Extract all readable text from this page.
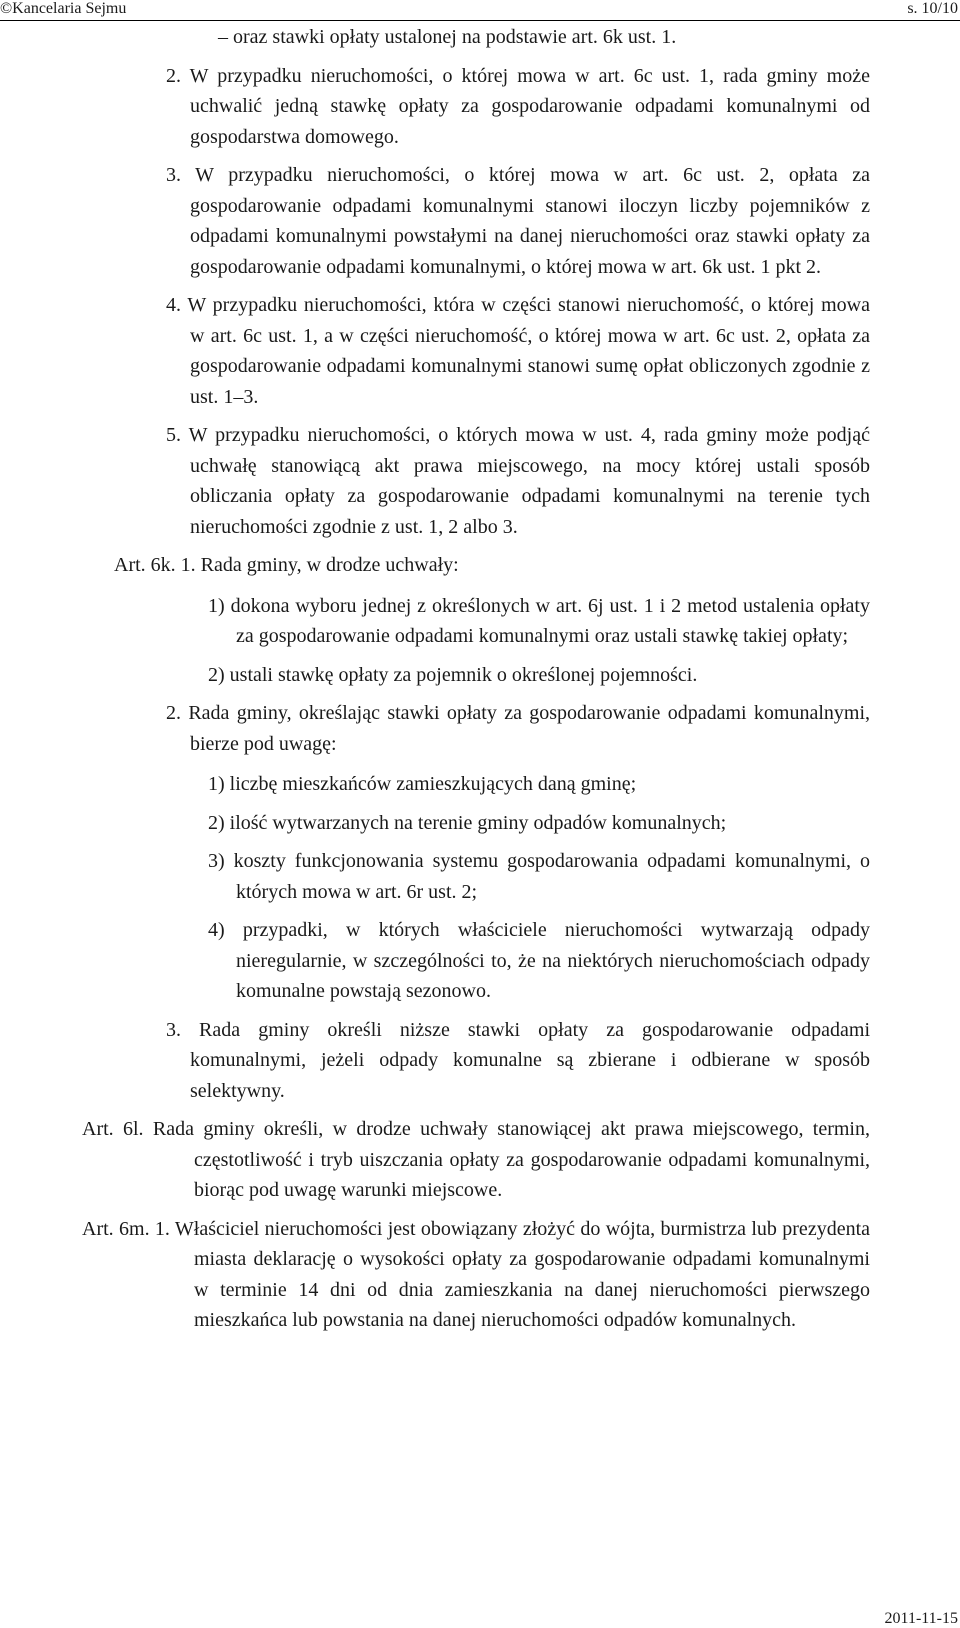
©Kancelaria Sejmu	s. 10/10

– oraz stawki opłaty ustalonej na podstawie art. 6k ust. 1.

2. W przypadku nieruchomości, o której mowa w art. 6c ust. 1, rada gminy może uchwalić jedną stawkę opłaty za gospodarowanie odpadami komunalnymi od gospodarstwa domowego.

3. W przypadku nieruchomości, o której mowa w art. 6c ust. 2, opłata za gospodarowanie odpadami komunalnymi stanowi iloczyn liczby pojemników z odpadami komunalnymi powstałymi na danej nieruchomości oraz stawki opłaty za gospodarowanie odpadami komunalnymi, o której mowa w art. 6k ust. 1 pkt 2.

4. W przypadku nieruchomości, która w części stanowi nieruchomość, o której mowa w art. 6c ust. 1, a w części nieruchomość, o której mowa w art. 6c ust. 2, opłata za gospodarowanie odpadami komunalnymi stanowi sumę opłat obliczonych zgodnie z ust. 1–3.

5. W przypadku nieruchomości, o których mowa w ust. 4, rada gminy może podjąć uchwałę stanowiącą akt prawa miejscowego, na mocy której ustali sposób obliczania opłaty za gospodarowanie odpadami komunalnymi na terenie tych nieruchomości zgodnie z ust. 1, 2 albo 3.

Art. 6k. 1. Rada gminy, w drodze uchwały:

1) dokona wyboru jednej z określonych w art. 6j ust. 1 i 2 metod ustalenia opłaty za gospodarowanie odpadami komunalnymi oraz ustali stawkę takiej opłaty;

2) ustali stawkę opłaty za pojemnik o określonej pojemności.

2. Rada gminy, określając stawki opłaty za gospodarowanie odpadami komunalnymi, bierze pod uwagę:

1) liczbę mieszkańców zamieszkujących daną gminę;

2) ilość wytwarzanych na terenie gminy odpadów komunalnych;

3) koszty funkcjonowania systemu gospodarowania odpadami komunalnymi, o których mowa w art. 6r ust. 2;

4) przypadki, w których właściciele nieruchomości wytwarzają odpady nieregularnie, w szczególności to, że na niektórych nieruchomościach odpady komunalne powstają sezonowo.

3. Rada gminy określi niższe stawki opłaty za gospodarowanie odpadami komunalnymi, jeżeli odpady komunalne są zbierane i odbierane w sposób selektywny.

Art. 6l. Rada gminy określi, w drodze uchwały stanowiącej akt prawa miejscowego, termin, częstotliwość i tryb uiszczania opłaty za gospodarowanie odpadami komunalnymi, biorąc pod uwagę warunki miejscowe.

Art. 6m. 1. Właściciel nieruchomości jest obowiązany złożyć do wójta, burmistrza lub prezydenta miasta deklarację o wysokości opłaty za gospodarowanie odpadami komunalnymi w terminie 14 dni od dnia zamieszkania na danej nieruchomości pierwszego mieszkańca lub powstania na danej nieruchomości odpadów komunalnych.

2011-11-15
